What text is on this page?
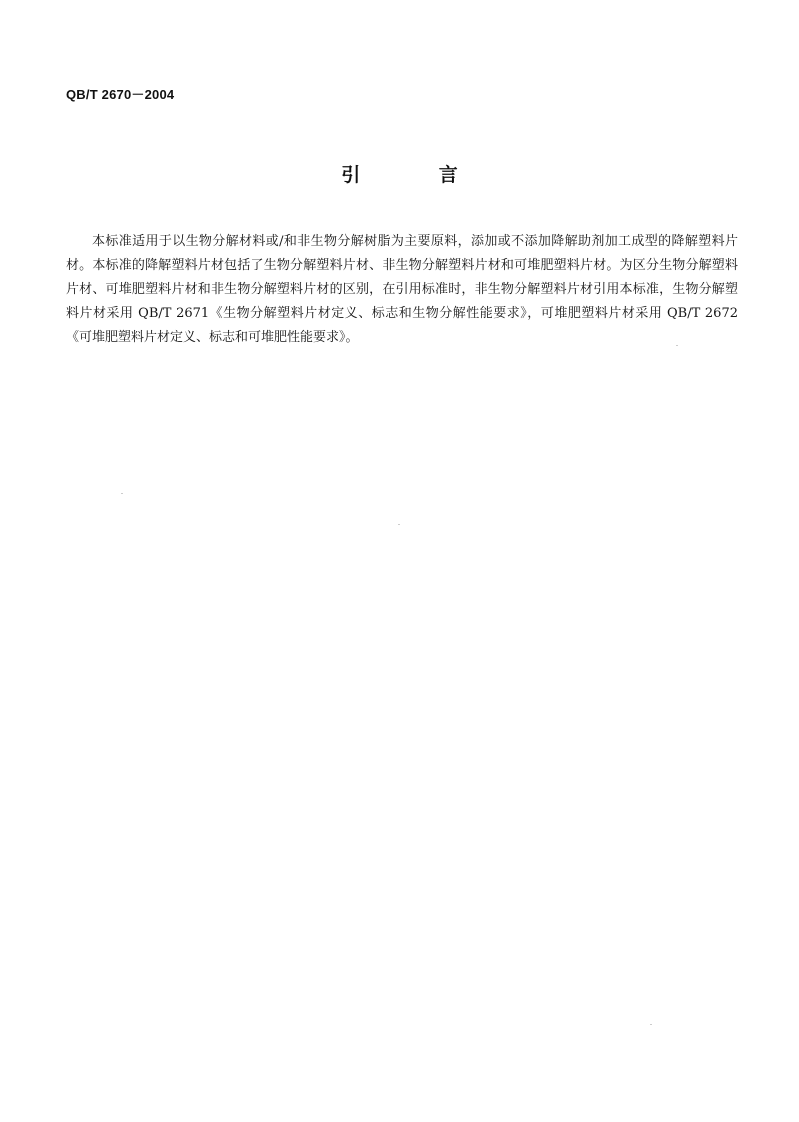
QB/T 2670－2004
引 言

本标准适用于以生物分解材料或/和非生物分解树脂为主要原料，添加或不添加降解助剂加工成型的降解塑料片材。本标准的降解塑料片材包括了生物分解塑料片材、非生物分解塑料片材和可堆肥塑料片材。为区分生物分解塑料片材、可堆肥塑料片材和非生物分解塑料片材的区别，在引用标准时，非生物分解塑料片材引用本标准，生物分解塑料片材采用 QB/T 2671《生物分解塑料片材定义、标志和生物分解性能要求》，可堆肥塑料片材采用 QB/T 2672《可堆肥塑料片材定义、标志和可堆肥性能要求》。
